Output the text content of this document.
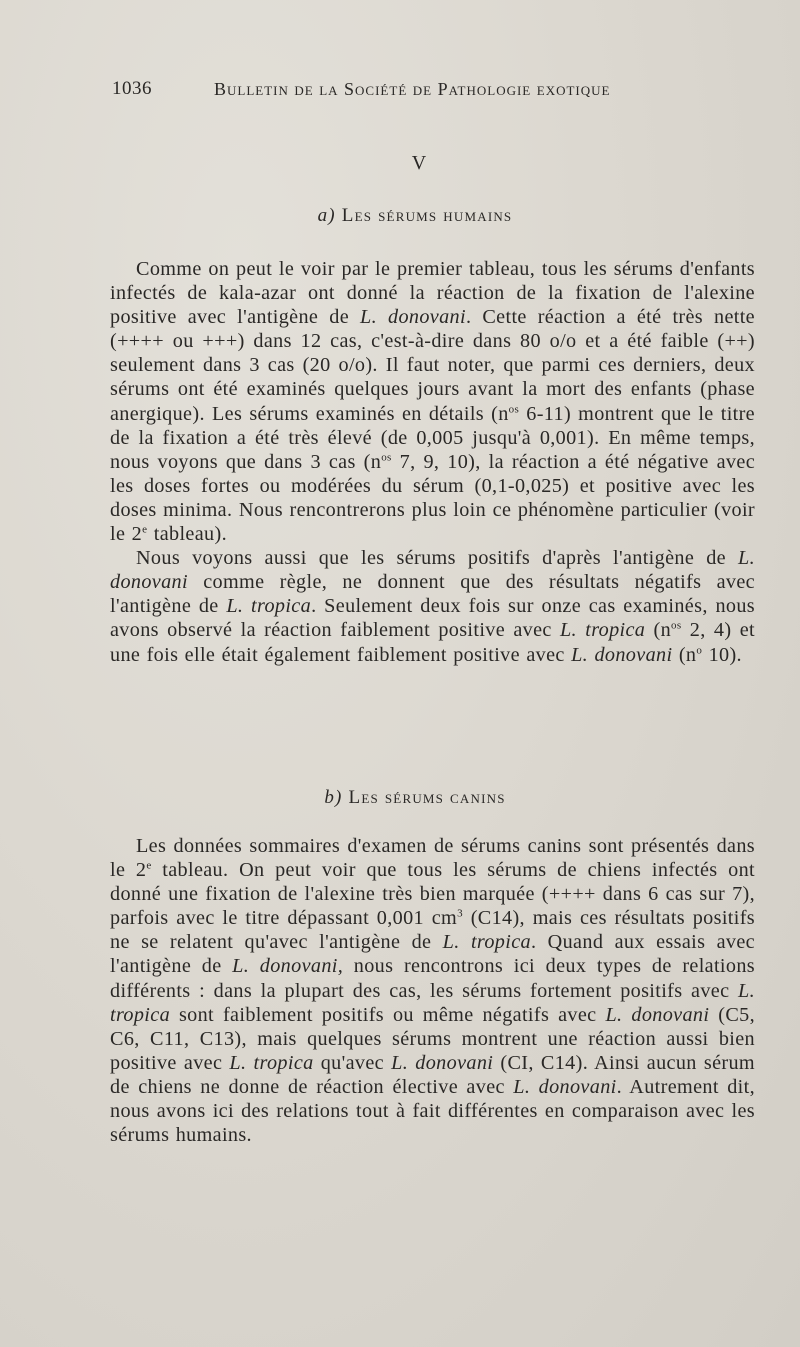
1036	Bulletin de la Société de Pathologie exotique
V
a) Les sérums humains

Comme on peut le voir par le premier tableau, tous les sérums d'enfants infectés de kala-azar ont donné la réaction de la fixation de l'alexine positive avec l'antigène de L. donovani. Cette réaction a été très nette (++++ ou +++) dans 12 cas, c'est-à-dire dans 80 o/o et a été faible (++) seulement dans 3 cas (20 o/o). Il faut noter, que parmi ces derniers, deux sérums ont été examinés quelques jours avant la mort des enfants (phase anergique). Les sérums examinés en détails ($n^{os}$ 6-11) montrent que le titre de la fixation a été très élevé (de 0,005 jusqu'à 0,001). En même temps, nous voyons que dans 3 cas ($n^{os}$ 7, 9, 10), la réaction a été négative avec les doses fortes ou modérées du sérum (0,1-0,025) et positive avec les doses minima. Nous rencontrerons plus loin ce phénomène particulier (voir le 2e tableau).

Nous voyons aussi que les sérums positifs d'après l'antigène de L. donovani comme règle, ne donnent que des résultats négatifs avec l'antigène de L. tropica. Seulement deux fois sur onze cas examinés, nous avons observé la réaction faiblement positive avec L. tropica ($n^{os}$ 2, 4) et une fois elle était également faiblement positive avec L. donovani ($n^o$ 10).

b) Les sérums canins

Les données sommaires d'examen de sérums canins sont présentés dans le 2e tableau. On peut voir que tous les sérums de chiens infectés ont donné une fixation de l'alexine très bien marquée (++++ dans 6 cas sur 7), parfois avec le titre dépassant 0,001 $cm^3$ (C14), mais ces résultats positifs ne se relatent qu'avec l'antigène de L. tropica. Quand aux essais avec l'antigène de L. donovani, nous rencontrons ici deux types de relations différents : dans la plupart des cas, les sérums fortement positifs avec L. tropica sont faiblement positifs ou même négatifs avec L. donovani (C5, C6, C11, C13), mais quelques sérums montrent une réaction aussi bien positive avec L. tropica qu'avec L. donovani (CI, C14). Ainsi aucun sérum de chiens ne donne de réaction élective avec L. donovani. Autrement dit, nous avons ici des relations tout à fait différentes en comparaison avec les sérums humains.
